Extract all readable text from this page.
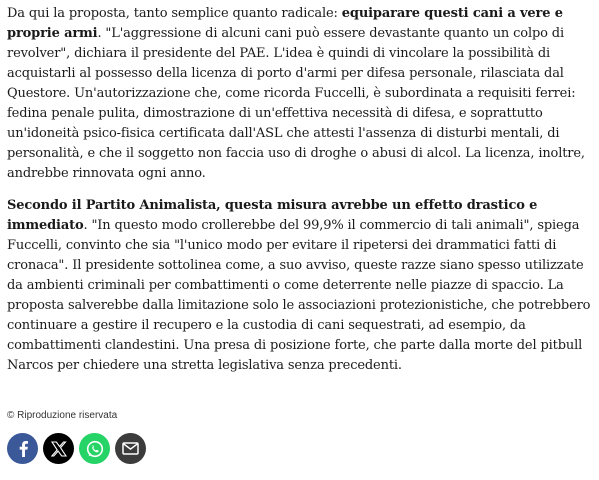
Da qui la proposta, tanto semplice quanto radicale: equiparare questi cani a vere e proprie armi. "L'aggressione di alcuni cani può essere devastante quanto un colpo di revolver", dichiara il presidente del PAE. L'idea è quindi di vincolare la possibilità di acquistarli al possesso della licenza di porto d'armi per difesa personale, rilasciata dal Questore. Un'autorizzazione che, come ricorda Fuccelli, è subordinata a requisiti ferrei: fedina penale pulita, dimostrazione di un'effettiva necessità di difesa, e soprattutto un'idoneità psico-fisica certificata dall'ASL che attesti l'assenza di disturbi mentali, di personalità, e che il soggetto non faccia uso di droghe o abusi di alcol. La licenza, inoltre, andrebbe rinnovata ogni anno.

Secondo il Partito Animalista, questa misura avrebbe un effetto drastico e immediato. "In questo modo crollerebbe del 99,9% il commercio di tali animali", spiega Fuccelli, convinto che sia "l'unico modo per evitare il ripetersi dei drammatici fatti di cronaca". Il presidente sottolinea come, a suo avviso, queste razze siano spesso utilizzate da ambienti criminali per combattimenti o come deterrente nelle piazze di spaccio. La proposta salverebbe dalla limitazione solo le associazioni protezionistiche, che potrebbero continuare a gestire il recupero e la custodia di cani sequestrati, ad esempio, da combattimenti clandestini. Una presa di posizione forte, che parte dalla morte del pitbull Narcos per chiedere una stretta legislativa senza precedenti.

© Riproduzione riservata
